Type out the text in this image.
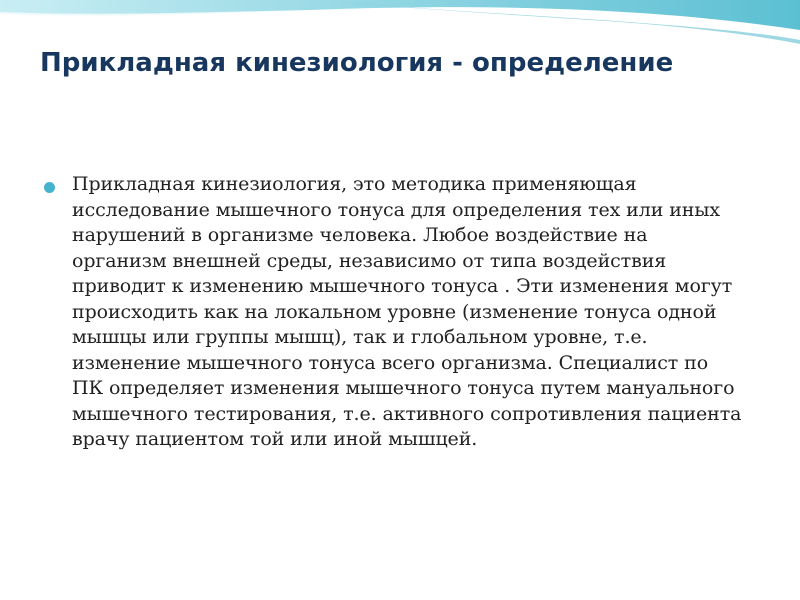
Прикладная кинезиология - определение
Прикладная кинезиология, это методика применяющая исследование мышечного тонуса для определения тех или иных нарушений в организме человека. Любое воздействие на организм внешней среды, независимо от типа воздействия приводит к изменению мышечного тонуса . Эти изменения могут происходить как на локальном уровне (изменение тонуса одной мышцы или группы мышц), так и глобальном уровне, т.е. изменение мышечного тонуса всего организма. Специалист по ПК определяет изменения мышечного тонуса путем мануального мышечного тестирования, т.е. активного сопротивления пациента врачу пациентом той или иной мышцей.
